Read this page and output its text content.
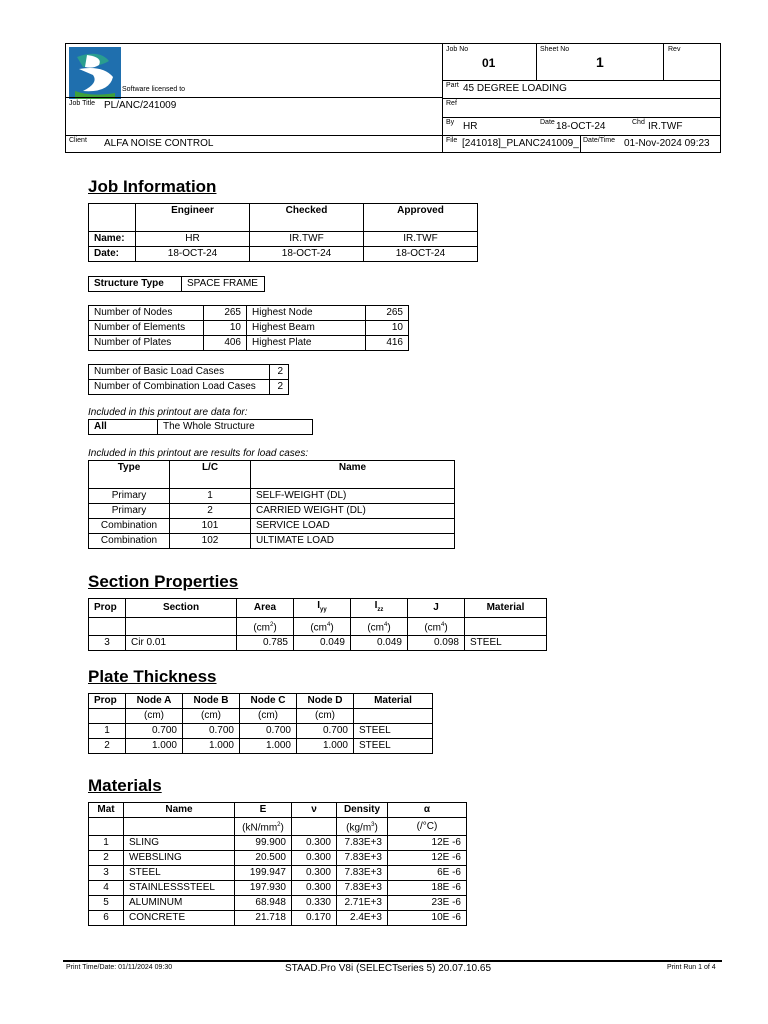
Software licensed to
Job No
01
Sheet No
1
Rev
Part 45 DEGREE LOADING
Job Title PL/ANC/241009	Ref
By HR	Date 18-OCT-24	Chd IR.TWF
Client ALFA NOISE CONTROL	File [241018]_PLANC241009_ Date/Time 01-Nov-2024 09:23
Job Information
	Engineer	Checked	Approved
Name:	HR	IR.TWF	IR.TWF
Date:	18-OCT-24	18-OCT-24	18-OCT-24
Structure Type	SPACE FRAME
Number of Nodes	265	Highest Node	265
Number of Elements	10	Highest Beam	10
Number of Plates	406	Highest Plate	416
Number of Basic Load Cases	2
Number of Combination Load Cases	2
Included in this printout are data for:
All	The Whole Structure
Included in this printout are results for load cases:
Type	L/C	Name
Primary	1	SELF-WEIGHT (DL)
Primary	2	CARRIED WEIGHT (DL)
Combination	101	SERVICE LOAD
Combination	102	ULTIMATE LOAD
Section Properties
Prop	Section	Area	$I_{yy}$	$I_{zz}$	J	Material
		$(cm^2)$	$(cm^4)$	$(cm^4)$	$(cm^4)$	
3	Cir 0.01	0.785	0.049	0.049	0.098	STEEL
Plate Thickness
Prop	Node A	Node B	Node C	Node D	Material
	(cm)	(cm)	(cm)	(cm)	
1	0.700	0.700	0.700	0.700	STEEL
2	1.000	1.000	1.000	1.000	STEEL
Materials
Mat	Name	E	ν	Density	α
		$(kN/mm^2)$		$(kg/m^3)$	(/°C)
1	SLING	99.900	0.300	7.83E+3	12E -6
2	WEBSLING	20.500	0.300	7.83E+3	12E -6
3	STEEL	199.947	0.300	7.83E+3	6E -6
4	STAINLESSSTEEL	197.930	0.300	7.83E+3	18E -6
5	ALUMINUM	68.948	0.330	2.71E+3	23E -6
6	CONCRETE	21.718	0.170	2.4E+3	10E -6
Print Time/Date: 01/11/2024 09:30	STAAD.Pro V8i (SELECTseries 5) 20.07.10.65	Print Run 1 of 4
